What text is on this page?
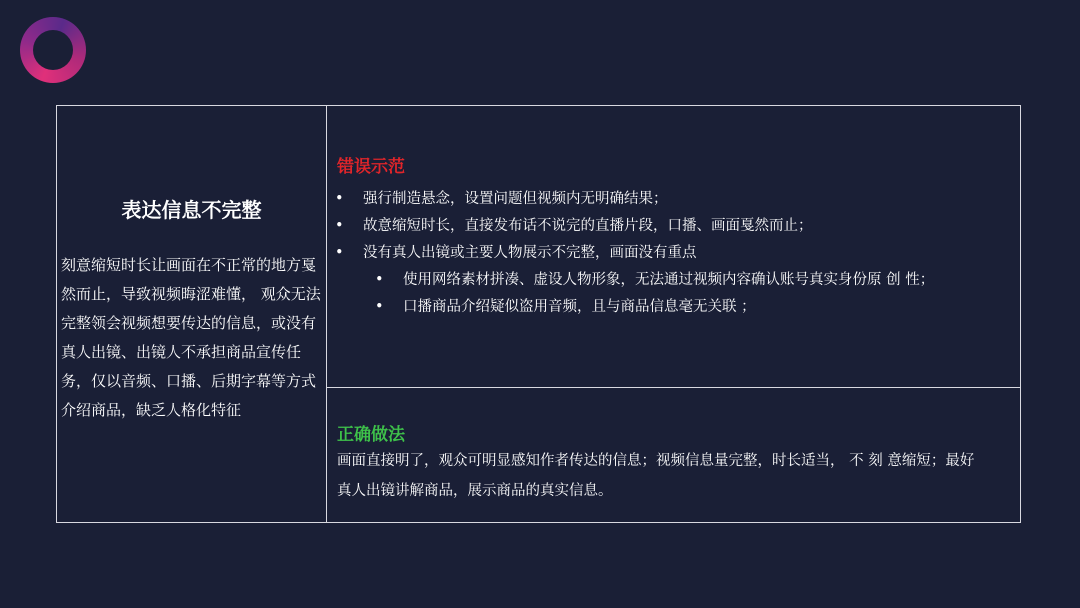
表达信息不完整
刻意缩短时长让画面在不正常的地方戛然而止，导致视频晦涩难懂， 观众无法完整领会视频想要传达的信息，或没有真人出镜、出镜人不承担商品宣传任务，仅以音频、口播、后期字幕等方式 介绍商品，缺乏人格化特征
错误示范
• 强行制造悬念，设置问题但视频内无明确结果；
• 故意缩短时长，直接发布话不说完的直播片段，口播、画面戛然而止；
• 没有真人出镜或主要人物展示不完整，画面没有重点
• 使用网络素材拼凑、虚设人物形象，无法通过视频内容确认账号真实身份原 创 性；
• 口播商品介绍疑似盗用音频，且与商品信息毫无关联 ；
正确做法
画面直接明了，观众可明显感知作者传达的信息；视频信息量完整，时长适当， 不 刻 意缩短；最好真人出镜讲解商品，展示商品的真实信息。
